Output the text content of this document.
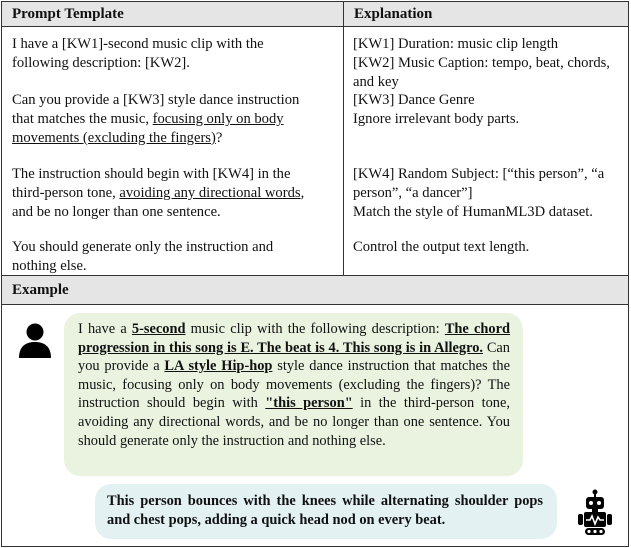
Prompt Template	Explanation

I have a [KW1]-second music clip with the

following description: [KW2].

[KW1] Duration: music clip length

[KW2] Music Caption: tempo, beat, chords,

and key

Can you provide a [KW3] style dance instruction

that matches the music, focusing only on body

movements (excluding the fingers)?

[KW3] Dance Genre

Ignore irrelevant body parts.

The instruction should begin with [KW4] in the

third-person tone, avoiding any directional words,

and be no longer than one sentence.

[KW4] Random Subject: [“this person”, “a

person”, “a dancer”]

Match the style of HumanML3D dataset.

You should generate only the instruction and

nothing else.

Control the output text length.

Example
I have a 5-second music clip with the following description: The chord progression in this song is E. The beat is 4. This song is in Allegro. Can you provide a LA style Hip-hop style dance instruction that matches the music, focusing only on body movements (excluding the fingers)? The instruction should begin with "this person" in the third-person tone, avoiding any directional words, and be no longer than one sentence. You should generate only the instruction and nothing else.
This person bounces with the knees while alternating shoulder pops and chest pops, adding a quick head nod on every beat.
